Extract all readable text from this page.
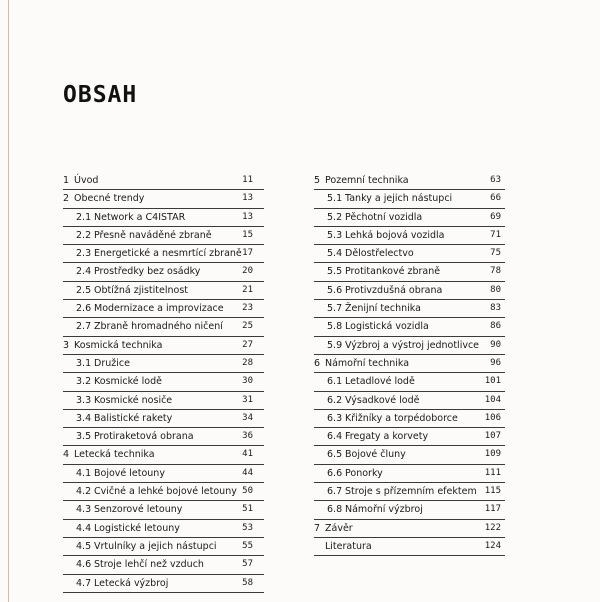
OBSAH
1 Úvod	11
2 Obecné trendy	13
2.1 Network a C4ISTAR	13
2.2 Přesně naváděné zbraně	15
2.3 Energetické a nesmrtící zbraně 17
2.4 Prostředky bez osádky	20
2.5 Obtížná zjistitelnost	21
2.6 Modernizace a improvizace 23
2.7 Zbraně hromadného ničení 25
3 Kosmická technika	27
3.1 Družice	28
3.2 Kosmické lodě	30
3.3 Kosmické nosiče	31
3.4 Balistické rakety	34
3.5 Protiraketová obrana	36
4 Letecká technika	41
4.1 Bojové letouny	44
4.2 Cvičné a lehké bojové letouny 50
4.3 Senzorové letouny	51
4.4 Logistické letouny	53
4.5 Vrtulníky a jejich nástupci	55
4.6 Stroje lehčí než vzduch	57
4.7 Letecká výzbroj	58
5 Pozemní technika	63
5.1 Tanky a jejich nástupci	66
5.2 Pěchotní vozidla	69
5.3 Lehká bojová vozidla	71
5.4 Dělostřelectvo	75
5.5 Protitankové zbraně	78
5.6 Protivzdušná obrana	80
5.7 Ženijní technika	83
5.8 Logistická vozidla	86
5.9 Výzbroj a výstroj jednotlivce 90
6 Námořní technika	96
6.1 Letadlové lodě	101
6.2 Výsadkové lodě	104
6.3 Křižníky a torpédoborce	106
6.4 Fregaty a korvety	107
6.5 Bojové čluny	109
6.6 Ponorky	111
6.7 Stroje s přízemním efektem 115
6.8 Námořní výzbroj	117
7 Závěr	122
Literatura	124
